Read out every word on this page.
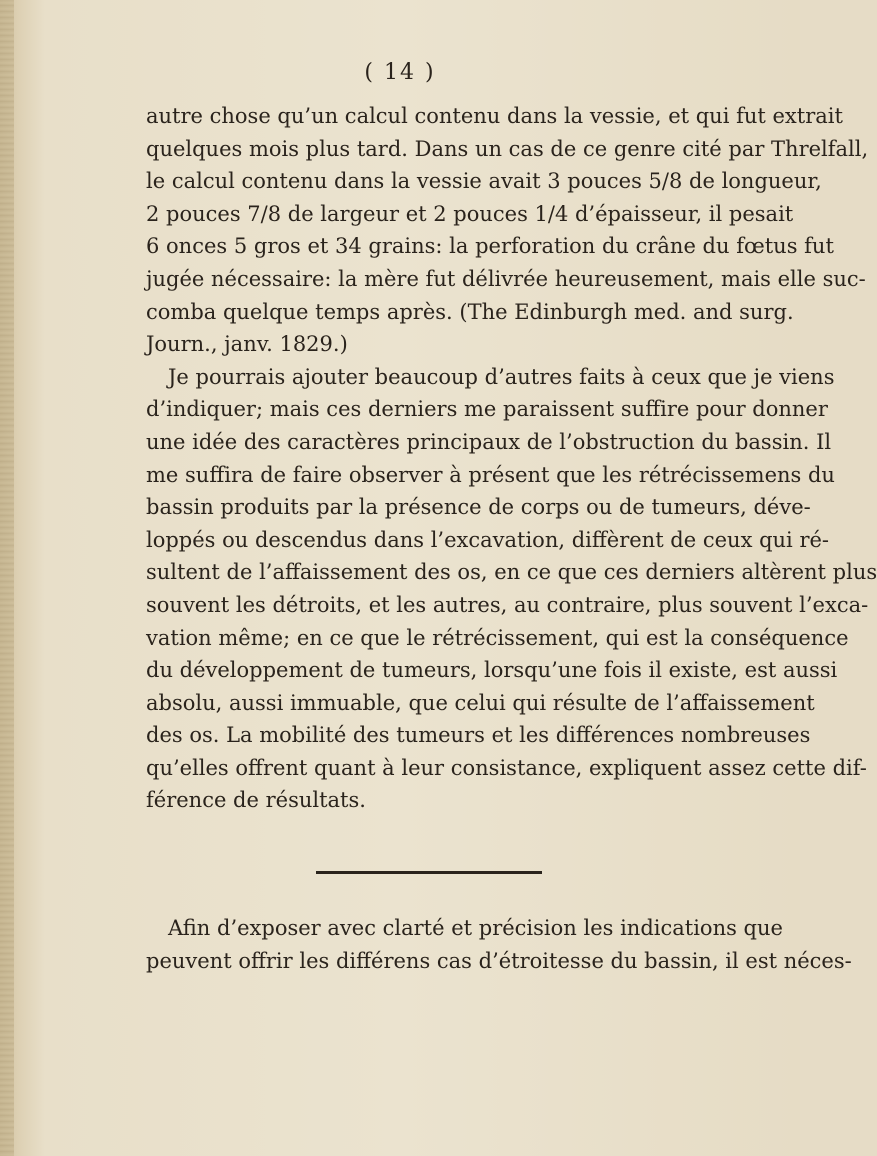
( 14 )
autre chose qu’un calcul contenu dans la vessie, et qui fut extrait
quelques mois plus tard. Dans un cas de ce genre cité par Threlfall,
le calcul contenu dans la vessie avait 3 pouces 5/8 de longueur,
2 pouces 7/8 de largeur et 2 pouces 1/4 d’épaisseur, il pesait
6 onces 5 gros et 34 grains: la perforation du crâne du fœtus fut
jugée nécessaire: la mère fut délivrée heureusement, mais elle suc-
comba quelque temps après. (The Edinburgh med. and surg.
Journ., janv. 1829.)
Je pourrais ajouter beaucoup d’autres faits à ceux que je viens
d’indiquer; mais ces derniers me paraissent suffire pour donner
une idée des caractères principaux de l’obstruction du bassin. Il
me suffira de faire observer à présent que les rétrécissemens du
bassin produits par la présence de corps ou de tumeurs, déve-
loppés ou descendus dans l’excavation, diffèrent de ceux qui ré-
sultent de l’affaissement des os, en ce que ces derniers altèrent plus
souvent les détroits, et les autres, au contraire, plus souvent l’exca-
vation même; en ce que le rétrécissement, qui est la conséquence
du développement de tumeurs, lorsqu’une fois il existe, est aussi
absolu, aussi immuable, que celui qui résulte de l’affaissement
des os. La mobilité des tumeurs et les différences nombreuses
qu’elles offrent quant à leur consistance, expliquent assez cette dif-
férence de résultats.
Afin d’exposer avec clarté et précision les indications que
peuvent offrir les différens cas d’étroitesse du bassin, il est néces-
